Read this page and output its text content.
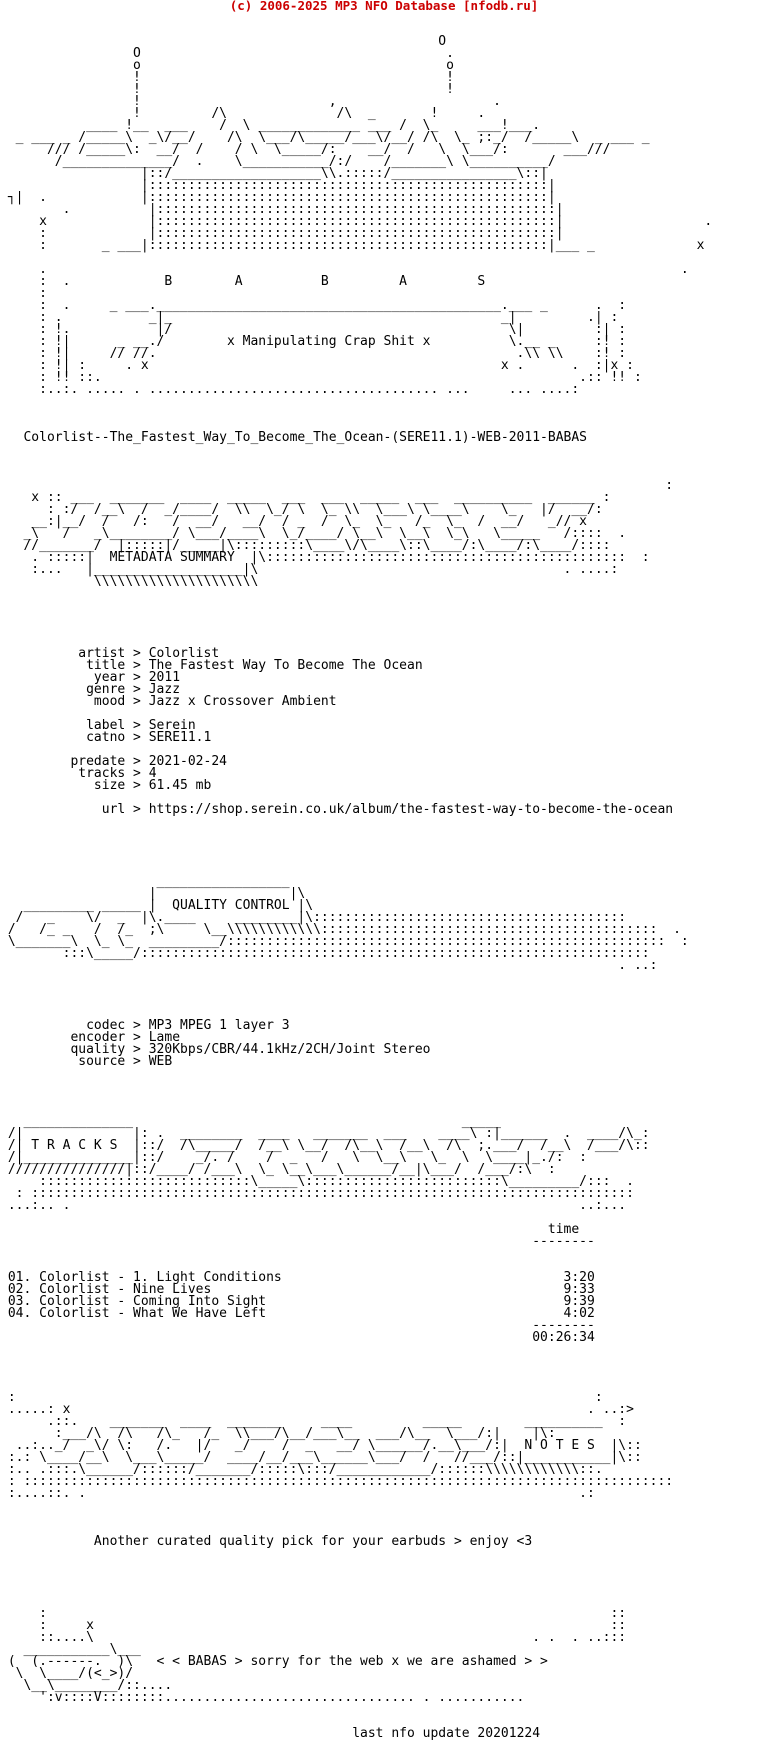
(c) 2006-2025 MP3 NFO Database [nfodb.ru]

O
O                                       .
o                                       o
!                                       !
!                                       !
!                        ,                    .
!         /\              /\  _       !     .
____ !__  ___    /  \ _____________ ___ /  \_     ___!___.
_ ___ _ /_____\  _\/__/    /\  \___/\_____/___\/__/ /\  \_ ;:_/  /_____\  _ ___ _
/// /_____\:  __/  /    / \  \_____/:    __/  /   \  \___/:       ___///
/______________/  .    \___________/:/    /_______\ \__________/
|::/___________________\\.:::::/________________\::|
|:::::::::::::::::::::::::::::::::::::::::::::::::::|
┐|  .            |:::::::::::::::::::::::::::::::::::::::::::::::::::|
.          |:::::::::::::::::::::::::::::::::::::::::::::::::::|
x             |:::::::::::::::::::::::::::::::::::::::::::::::::::|                  .
:             |:::::::::::::::::::::::::::::::::::::::::::::::::::|
:       _ ___|:::::::::::::::::::::::::::::::::::::::::::::::::::|___ _             x
.                                                                                 .
:  .            B        A          B         A         S
:
:  .     _ ___.____________________________________________.___ _      .  :
: .           _|_                                          _|         .| :
: !.           |/                                           \|         :| :
: !|      _ __./        x Manipulating Crap Shit x          \.__ _     :! :
: !|     // //.                                              .\\ \\    :! :
: !| :     . x                                             x .      .  :|x :
: !! ::.                                                             .:: !! :
:..:. ..... . ..................................... ...     ... ....:
Colorlist--The_Fastest_Way_To_Become_The_Ocean-(SERE11.1)-WEB-2011-BABAS
:
x :: ___  _______  ____  _____  ___  ___  _____  ___  __________  ______ :
: :/  /__\  /  _/____/  \\  \_/ \  \_ \\  \___\ \____\    \_   |/  __/:
__:|__/  /   /:   /  __/   __/  / _  /  \_  \_   /_  \_  /  __/   _// x
_\   /   _\________/ \___/____\  \_/____/ \__\  \__\  \_\   \_____   /::::  .
//_______/  |:::::|/_____|\:::::::::\____\/\____\::\____/:\____/:\____/::::
. :::::|  METADATA SUMMARY  |\::::::::::::::::::::::::::::::::::::::::::::::  :
:...   |___________________|\                                       . ....:
\\\\\\\\\\\\\\\\\\\\\

artist > Colorlist
title > The Fastest Way To Become The Ocean
year > 2011
genre > Jazz
mood > Jazz x Crossover Ambient
label > Serein
catno > SERE11.1
predate > 2021-02-24
tracks > 4
size > 61.45 mb
url > https://shop.serein.co.uk/album/the-fastest-way-to-become-the-ocean

_________________
|                 |\
_________ _____ |  QUALITY CONTROL |\
/   _    \/  _  |\.____     ________|\::::::::::::::::::::::::::::::::::::::::
/   /_ _   /  /_  ;\     \__\\\\\\\\\\\\:::::::::::::::::::::::::::::::::::::::::::  .
\_______\  \_ \_  _________/::::::::::::::::::::::::::::::::::::::::::::::::::::::::  :
:::\_____/:::::::::::::::::::::::::::::::::::::::::::::::::::::::::::::::::
. ..:

codec > MP3 MPEG 1 layer 3
encoder > Lame
quality > 320Kbps/CBR/44.1kHz/2CH/Joint Stereo
source > WEB

______________                                          _____
/|              |: .  ________  ____   _______  ___    ____\ :|______  .  ____/\_:
/| T R A C K S  |::/  /\_____/  /__\ \__/  /\__\  /__\  /\  ;.___/  /__\  /___/\::
/|______________|::/    _/. /    /  _   /   \  \__\   \_  \  \____|_./:  :
///////////////|::/____/ /___\  \_ \__\___\______/__|\___/  /___/:\  :
:::::::::::::::::::::::::::\_____\:::::::::::::::::::::::::\_________/:::  .
: :::::::::::::::::::::::::::::::::::::::::::::::::::::::::::::::::::::::::::::
...:.. .                                                                 ..:...
time
--------

01. Colorlist - 1. Light Conditions                                    3:20
02. Colorlist - Nine Lives                                             9:33
03. Colorlist - Coming Into Sight                                      9:39
04. Colorlist - What We Have Left                                      4:02
--------
00:26:34

:                                                                          :
.....: x                                                                  . ..:>
.::.    _______  ____  _______     ____         _____        __________  :
:___/\  /\   /\_   /_  \\___/\__/___\__  ___/\__  \___/:|    |\:
..:.._/  _\/ \:   /.   |/   _/    /  _   __/ \______/.__\___/:|  N O T E S  |\::
:.: \____/__\  \___\_____/  ____/__/___\______\___/  /   //___/::|___________|\::
:.. .:::.\______/::::::/_______/:::::\:::/____________/::::::\\\\\\\\\\\\::.
: :::::::::::::::::::::::::::::::::::::::::::::::::::::::::::::::::::::::::::::::::::
:....::. .                                                               .:

Another curated quality pick for your earbuds > enjoy <3

:                                                                        ::
:     x                                                                  ::
::....\                                                        . .  . ..:::
___________\___
(  (.------.  )\   < < BABAS > sorry for the web x we are ashamed > >
\  \____/(<_>)/
\__\________/::....
':v::::V::::::::................................ . ...........

last nfo update 20201224
